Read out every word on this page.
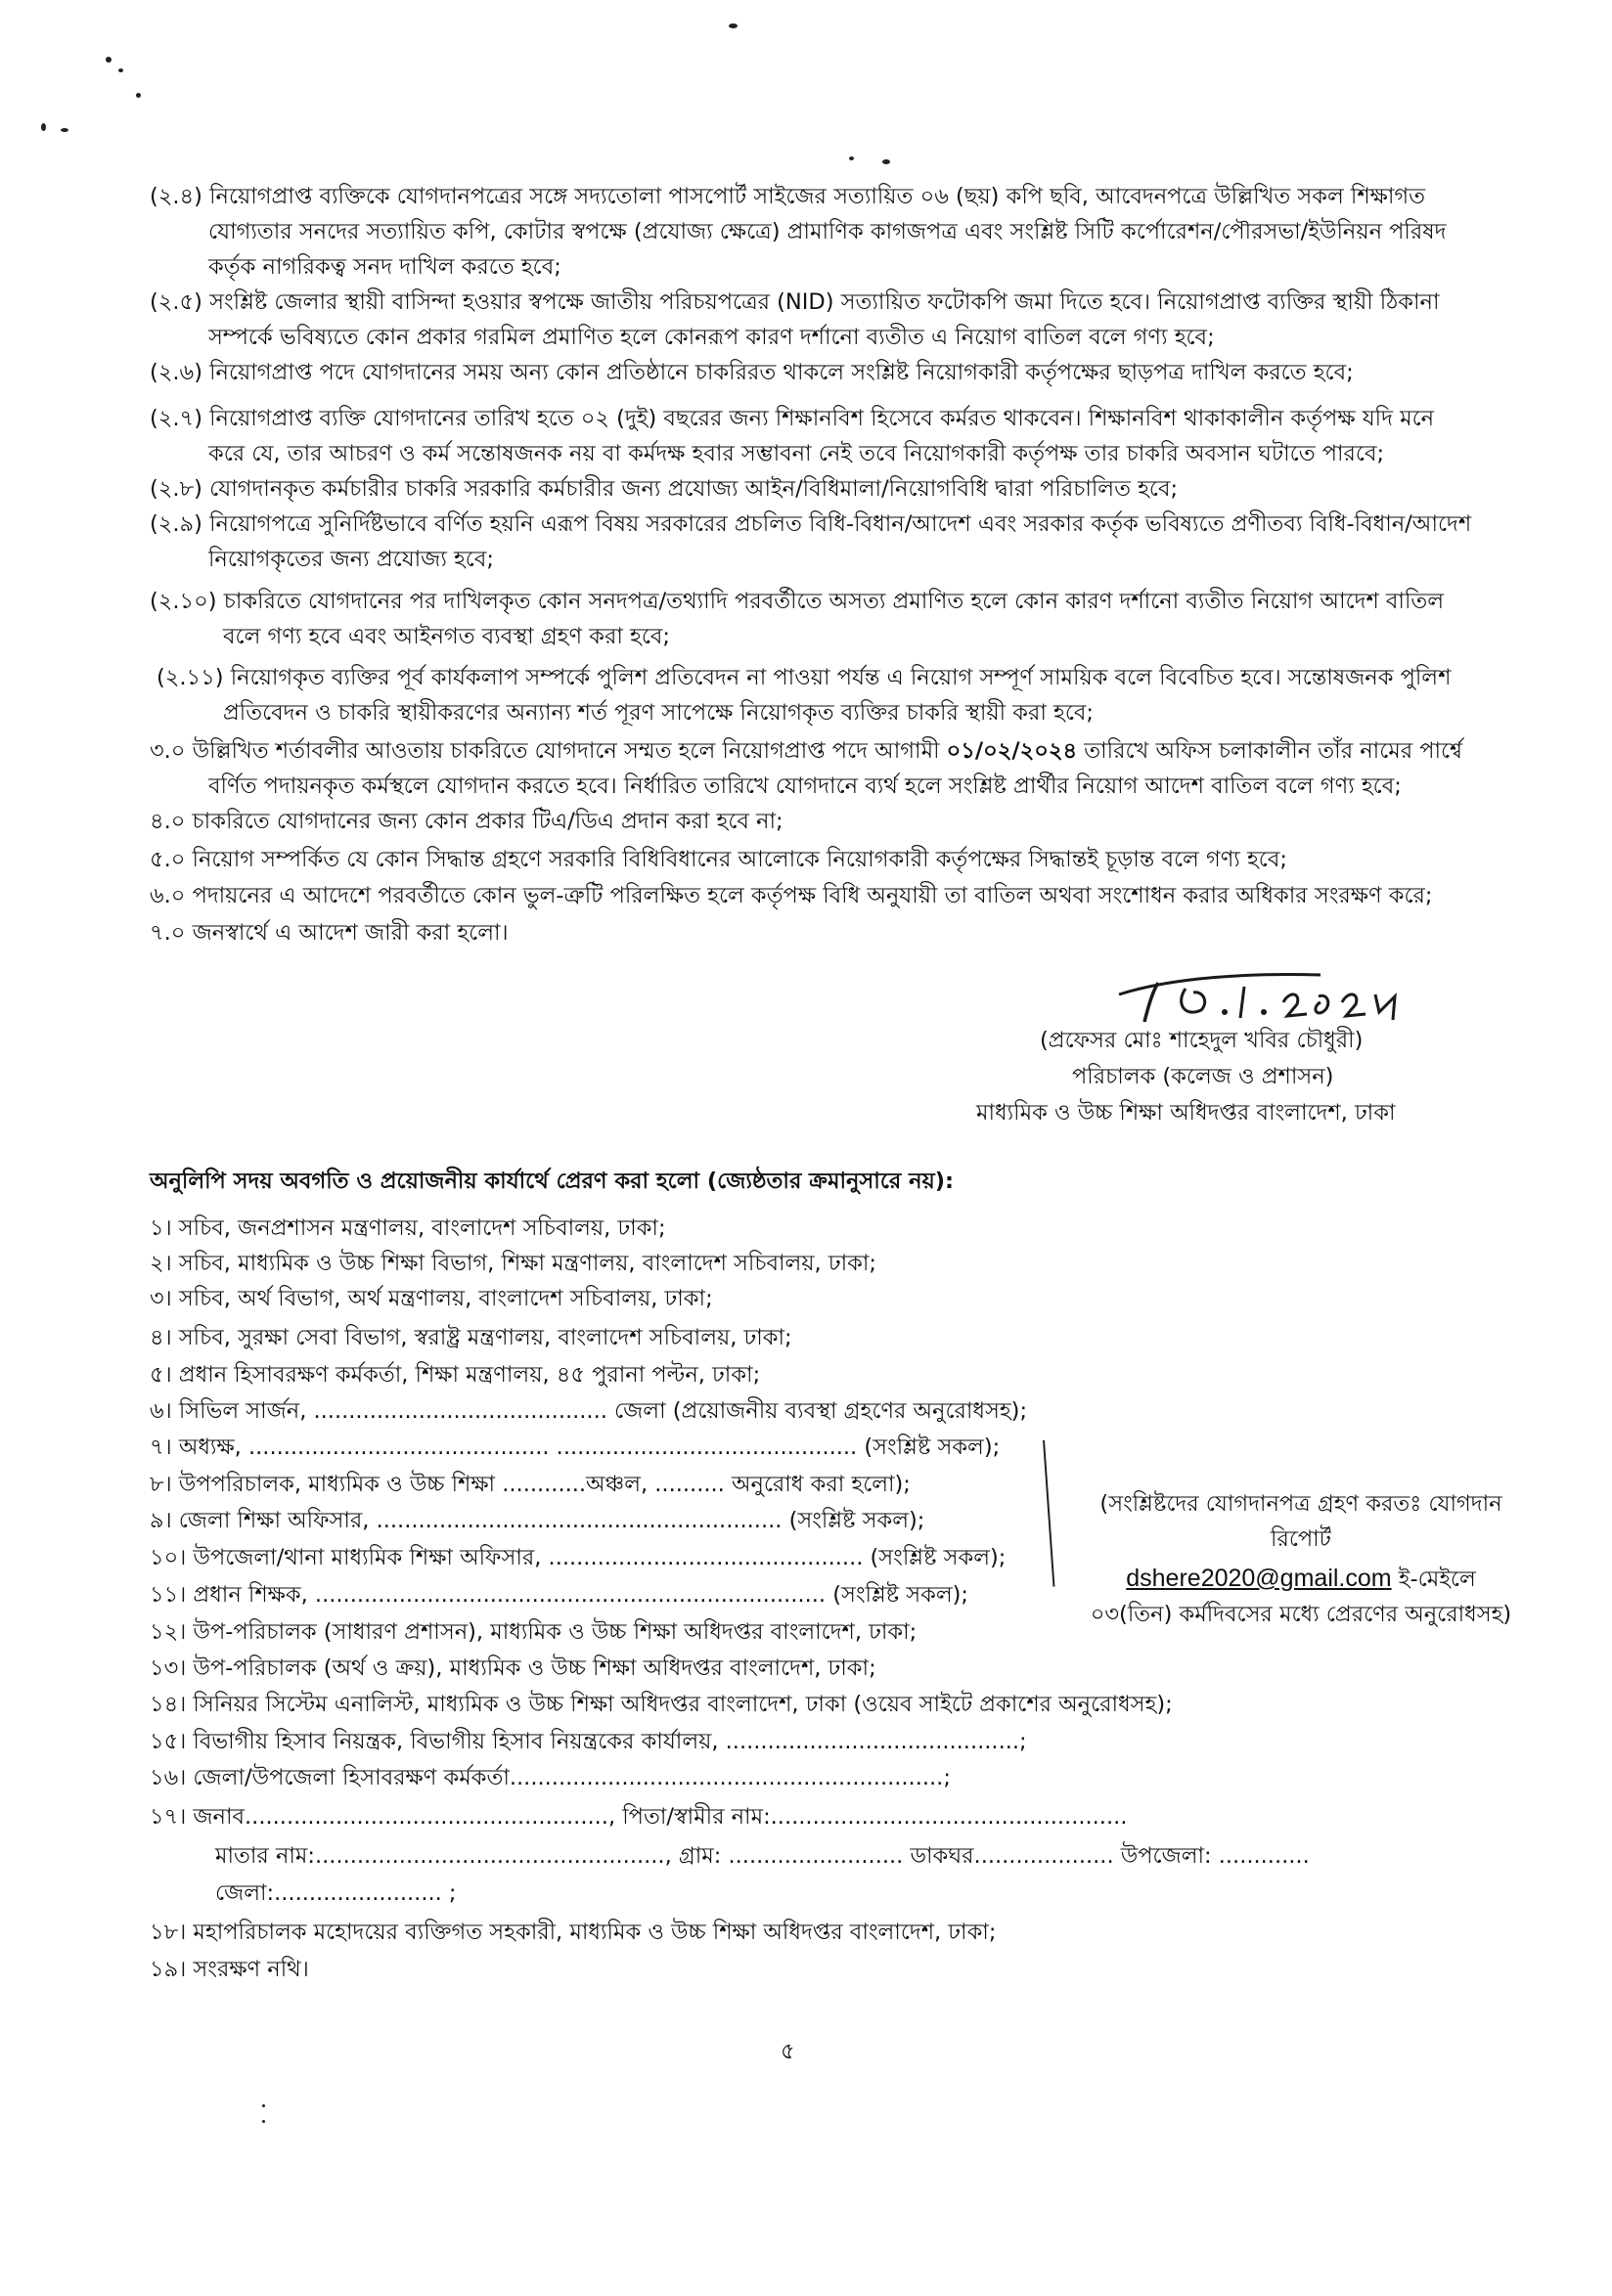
(২.৪) নিয়োগপ্রাপ্ত ব্যক্তিকে যোগদানপত্রের সঙ্গে সদ্যতোলা পাসপোর্ট সাইজের সত্যায়িত ০৬ (ছয়) কপি ছবি, আবেদনপত্রে উল্লিখিত সকল শিক্ষাগত
যোগ্যতার সনদের সত্যায়িত কপি, কোটার স্বপক্ষে (প্রযোজ্য ক্ষেত্রে) প্রামাণিক কাগজপত্র এবং সংশ্লিষ্ট সিটি কর্পোরেশন/পৌরসভা/ইউনিয়ন পরিষদ
কর্তৃক নাগরিকত্ব সনদ দাখিল করতে হবে;
(২.৫) সংশ্লিষ্ট জেলার স্থায়ী বাসিন্দা হওয়ার স্বপক্ষে জাতীয় পরিচয়পত্রের (NID) সত্যায়িত ফটোকপি জমা দিতে হবে। নিয়োগপ্রাপ্ত ব্যক্তির স্থায়ী ঠিকানা
সম্পর্কে ভবিষ্যতে কোন প্রকার গরমিল প্রমাণিত হলে কোনরূপ কারণ দর্শানো ব্যতীত এ নিয়োগ বাতিল বলে গণ্য হবে;
(২.৬) নিয়োগপ্রাপ্ত পদে যোগদানের সময় অন্য কোন প্রতিষ্ঠানে চাকরিরত থাকলে সংশ্লিষ্ট নিয়োগকারী কর্তৃপক্ষের ছাড়পত্র দাখিল করতে হবে;
(২.৭) নিয়োগপ্রাপ্ত ব্যক্তি যোগদানের তারিখ হতে ০২ (দুই) বছরের জন্য শিক্ষানবিশ হিসেবে কর্মরত থাকবেন। শিক্ষানবিশ থাকাকালীন কর্তৃপক্ষ যদি মনে
করে যে, তার আচরণ ও কর্ম সন্তোষজনক নয় বা কর্মদক্ষ হবার সম্ভাবনা নেই তবে নিয়োগকারী কর্তৃপক্ষ তার চাকরি অবসান ঘটাতে পারবে;
(২.৮) যোগদানকৃত কর্মচারীর চাকরি সরকারি কর্মচারীর জন্য প্রযোজ্য আইন/বিধিমালা/নিয়োগবিধি দ্বারা পরিচালিত হবে;
(২.৯) নিয়োগপত্রে সুনির্দিষ্টভাবে বর্ণিত হয়নি এরূপ বিষয় সরকারের প্রচলিত বিধি-বিধান/আদেশ এবং সরকার কর্তৃক ভবিষ্যতে প্রণীতব্য বিধি-বিধান/আদেশ
নিয়োগকৃতের জন্য প্রযোজ্য হবে;
(২.১০) চাকরিতে যোগদানের পর দাখিলকৃত কোন সনদপত্র/তথ্যাদি পরবর্তীতে অসত্য প্রমাণিত হলে কোন কারণ দর্শানো ব্যতীত নিয়োগ আদেশ বাতিল
বলে গণ্য হবে এবং আইনগত ব্যবস্থা গ্রহণ করা হবে;
(২.১১) নিয়োগকৃত ব্যক্তির পূর্ব কার্যকলাপ সম্পর্কে পুলিশ প্রতিবেদন না পাওয়া পর্যন্ত এ নিয়োগ সম্পূর্ণ সাময়িক বলে বিবেচিত হবে। সন্তোষজনক পুলিশ
প্রতিবেদন ও চাকরি স্থায়ীকরণের অন্যান্য শর্ত পূরণ সাপেক্ষে নিয়োগকৃত ব্যক্তির চাকরি স্থায়ী করা হবে;
৩.০ উল্লিখিত শর্তাবলীর আওতায় চাকরিতে যোগদানে সম্মত হলে নিয়োগপ্রাপ্ত পদে আগামী ০১/০২/২০২৪ তারিখে অফিস চলাকালীন তাঁর নামের পার্শ্বে
বর্ণিত পদায়নকৃত কর্মস্থলে যোগদান করতে হবে। নির্ধারিত তারিখে যোগদানে ব্যর্থ হলে সংশ্লিষ্ট প্রার্থীর নিয়োগ আদেশ বাতিল বলে গণ্য হবে;
৪.০ চাকরিতে যোগদানের জন্য কোন প্রকার টিএ/ডিএ প্রদান করা হবে না;
৫.০ নিয়োগ সম্পর্কিত যে কোন সিদ্ধান্ত গ্রহণে সরকারি বিধিবিধানের আলোকে নিয়োগকারী কর্তৃপক্ষের সিদ্ধান্তই চূড়ান্ত বলে গণ্য হবে;
৬.০ পদায়নের এ আদেশে পরবর্তীতে কোন ভুল-ত্রুটি পরিলক্ষিত হলে কর্তৃপক্ষ বিধি অনুযায়ী তা বাতিল অথবা সংশোধন করার অধিকার সংরক্ষণ করে;
৭.০ জনস্বার্থে এ আদেশ জারী করা হলো।
(প্রফেসর মোঃ শাহেদুল খবির চৌধুরী)
পরিচালক (কলেজ ও প্রশাসন)
মাধ্যমিক ও উচ্চ শিক্ষা অধিদপ্তর বাংলাদেশ, ঢাকা
অনুলিপি সদয় অবগতি ও প্রয়োজনীয় কার্যার্থে প্রেরণ করা হলো (জ্যেষ্ঠতার ক্রমানুসারে নয়):
১। সচিব, জনপ্রশাসন মন্ত্রণালয়, বাংলাদেশ সচিবালয়, ঢাকা;
২। সচিব, মাধ্যমিক ও উচ্চ শিক্ষা বিভাগ, শিক্ষা মন্ত্রণালয়, বাংলাদেশ সচিবালয়, ঢাকা;
৩। সচিব, অর্থ বিভাগ, অর্থ মন্ত্রণালয়, বাংলাদেশ সচিবালয়, ঢাকা;
৪। সচিব, সুরক্ষা সেবা বিভাগ, স্বরাষ্ট্র মন্ত্রণালয়, বাংলাদেশ সচিবালয়, ঢাকা;
৫। প্রধান হিসাবরক্ষণ কর্মকর্তা, শিক্ষা মন্ত্রণালয়, ৪৫ পুরানা পল্টন, ঢাকা;
৬। সিভিল সার্জন, .......................................... জেলা (প্রয়োজনীয় ব্যবস্থা গ্রহণের অনুরোধসহ);
৭। অধ্যক্ষ, ........................................... ........................................... (সংশ্লিষ্ট সকল);
৮। উপপরিচালক, মাধ্যমিক ও উচ্চ শিক্ষা ............অঞ্চল, .......... অনুরোধ করা হলো);
৯। জেলা শিক্ষা অফিসার, .......................................................... (সংশ্লিষ্ট সকল);
১০। উপজেলা/থানা মাধ্যমিক শিক্ষা অফিসার, ............................................. (সংশ্লিষ্ট সকল);
১১। প্রধান শিক্ষক, ......................................................................... (সংশ্লিষ্ট সকল);
১২। উপ-পরিচালক (সাধারণ প্রশাসন), মাধ্যমিক ও উচ্চ শিক্ষা অধিদপ্তর বাংলাদেশ, ঢাকা;
১৩। উপ-পরিচালক (অর্থ ও ক্রয়), মাধ্যমিক ও উচ্চ শিক্ষা অধিদপ্তর বাংলাদেশ, ঢাকা;
১৪। সিনিয়র সিস্টেম এনালিস্ট, মাধ্যমিক ও উচ্চ শিক্ষা অধিদপ্তর বাংলাদেশ, ঢাকা (ওয়েব সাইটে প্রকাশের অনুরোধসহ);
১৫। বিভাগীয় হিসাব নিয়ন্ত্রক, বিভাগীয় হিসাব নিয়ন্ত্রকের কার্যালয়, ..........................................;
১৬। জেলা/উপজেলা হিসাবরক্ষণ কর্মকর্তা..............................................................;
১৭। জনাব...................................................., পিতা/স্বামীর নাম:...................................................
মাতার নাম:.................................................., গ্রাম: ......................... ডাকঘর.................... উপজেলা: .............
জেলা:........................ ;
১৮। মহাপরিচালক মহোদয়ের ব্যক্তিগত সহকারী, মাধ্যমিক ও উচ্চ শিক্ষা অধিদপ্তর বাংলাদেশ, ঢাকা;
১৯। সংরক্ষণ নথি।
(সংশ্লিষ্টদের যোগদানপত্র গ্রহণ করতঃ যোগদান রিপোর্ট
dshere2020@gmail.com ই-মেইলে
০৩(তিন) কর্মদিবসের মধ্যে প্রেরণের অনুরোধসহ)
৫
